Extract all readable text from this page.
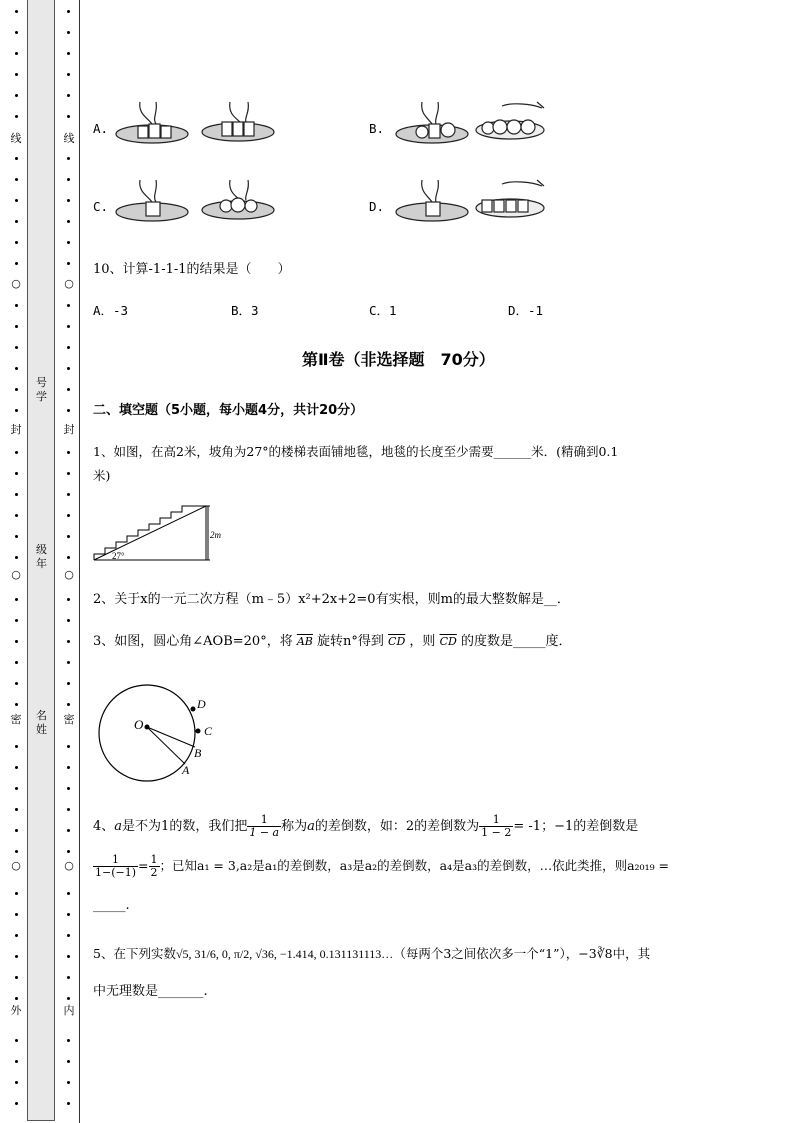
线
○
封
○
密
○
外
线
○
封
○
密
○
内
号学
级年
名姓
A.	B.
C.	D.
10、计算-1-1-1的结果是（　　）
A．-3	B．3	C．1	D．-1
第Ⅱ卷（非选择题　70分）
二、填空题（5小题，每小题4分，共计20分）
1、如图，在高2米，坡角为27°的楼梯表面铺地毯，地毯的长度至少需要______米．(精确到0.1
米)
27°
2m
2、关于x的一元二次方程（m﹣5）x²+2x+2=0有实根，则m的最大整数解是__．
3、如图，圆心角∠AOB=20°，将 $\overline{AB}$ 旋转n°得到 $\overline{CD}$ ，则 $\overline{CD}$ 的度数是_____度．
O
D
C
B
A
4、a是不为1的数，我们把 $\frac{1}{1 - a}$ 称为a的差倒数，如：2的差倒数为 $\frac{1}{1 - 2} = -1$；−1的差倒数是
$\frac{1}{1-(-1)} = \frac{1}{2}$ ；已知a₁ = 3,a₂是a₁的差倒数，a₃是a₂的差倒数，a₄是a₃的差倒数，…依此类推，则a₂₀₁₉ =
_____.
5、在下列实数√5, 31/6, 0, π/2, √36, −1.414, 0.131131113…（每两个3之间依次多一个“1”），−3∛8中，其
中无理数是_______.
